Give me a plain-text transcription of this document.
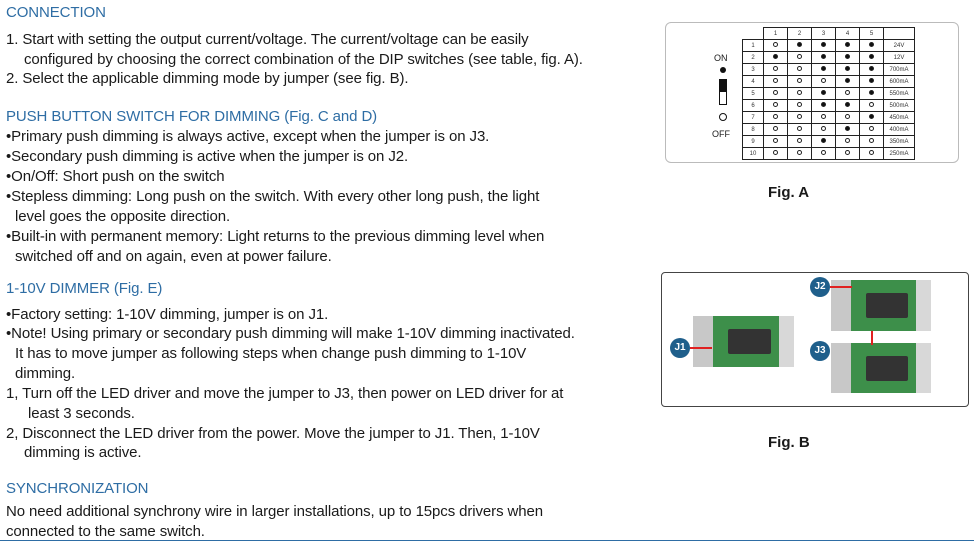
CONNECTION
1. Start with setting the output current/voltage. The current/voltage can be easily
configured by choosing the correct combination of the DIP switches (see table, fig. A).
2. Select the applicable dimming mode by jumper (see fig. B).
PUSH BUTTON SWITCH FOR DIMMING (Fig. C and D)
•Primary push dimming is always active, except when the jumper is on J3.
•Secondary push dimming is active when the jumper is on J2.
•On/Off: Short push on the switch
•Stepless dimming: Long push on the switch. With every other long push, the light
level goes the opposite direction.
•Built-in with permanent memory: Light returns to the previous dimming level when
switched off and on again, even at power failure.
1-10V DIMMER (Fig. E)
•Factory setting: 1-10V dimming, jumper is on J1.
•Note! Using primary or secondary push dimming will make 1-10V dimming inactivated.
It has to move jumper as following steps when change push dimming to 1-10V
dimming.
1, Turn off the LED driver and move the jumper to J3, then power on LED driver for at
least 3 seconds.
2, Disconnect the LED driver from the power. Move the jumper to J1. Then, 1-10V
dimming is active.
SYNCHRONIZATION
No need additional synchrony wire in larger installations, up to 15pcs drivers when
connected to the same switch.
ON
OFF
	1	2	3	4	5	
1						24V
2						12V
3						700mA
4						600mA
5						550mA
6						500mA
7						450mA
8						400mA
9						350mA
10						250mA
Fig. A
J1
J2
J3
Fig. B
